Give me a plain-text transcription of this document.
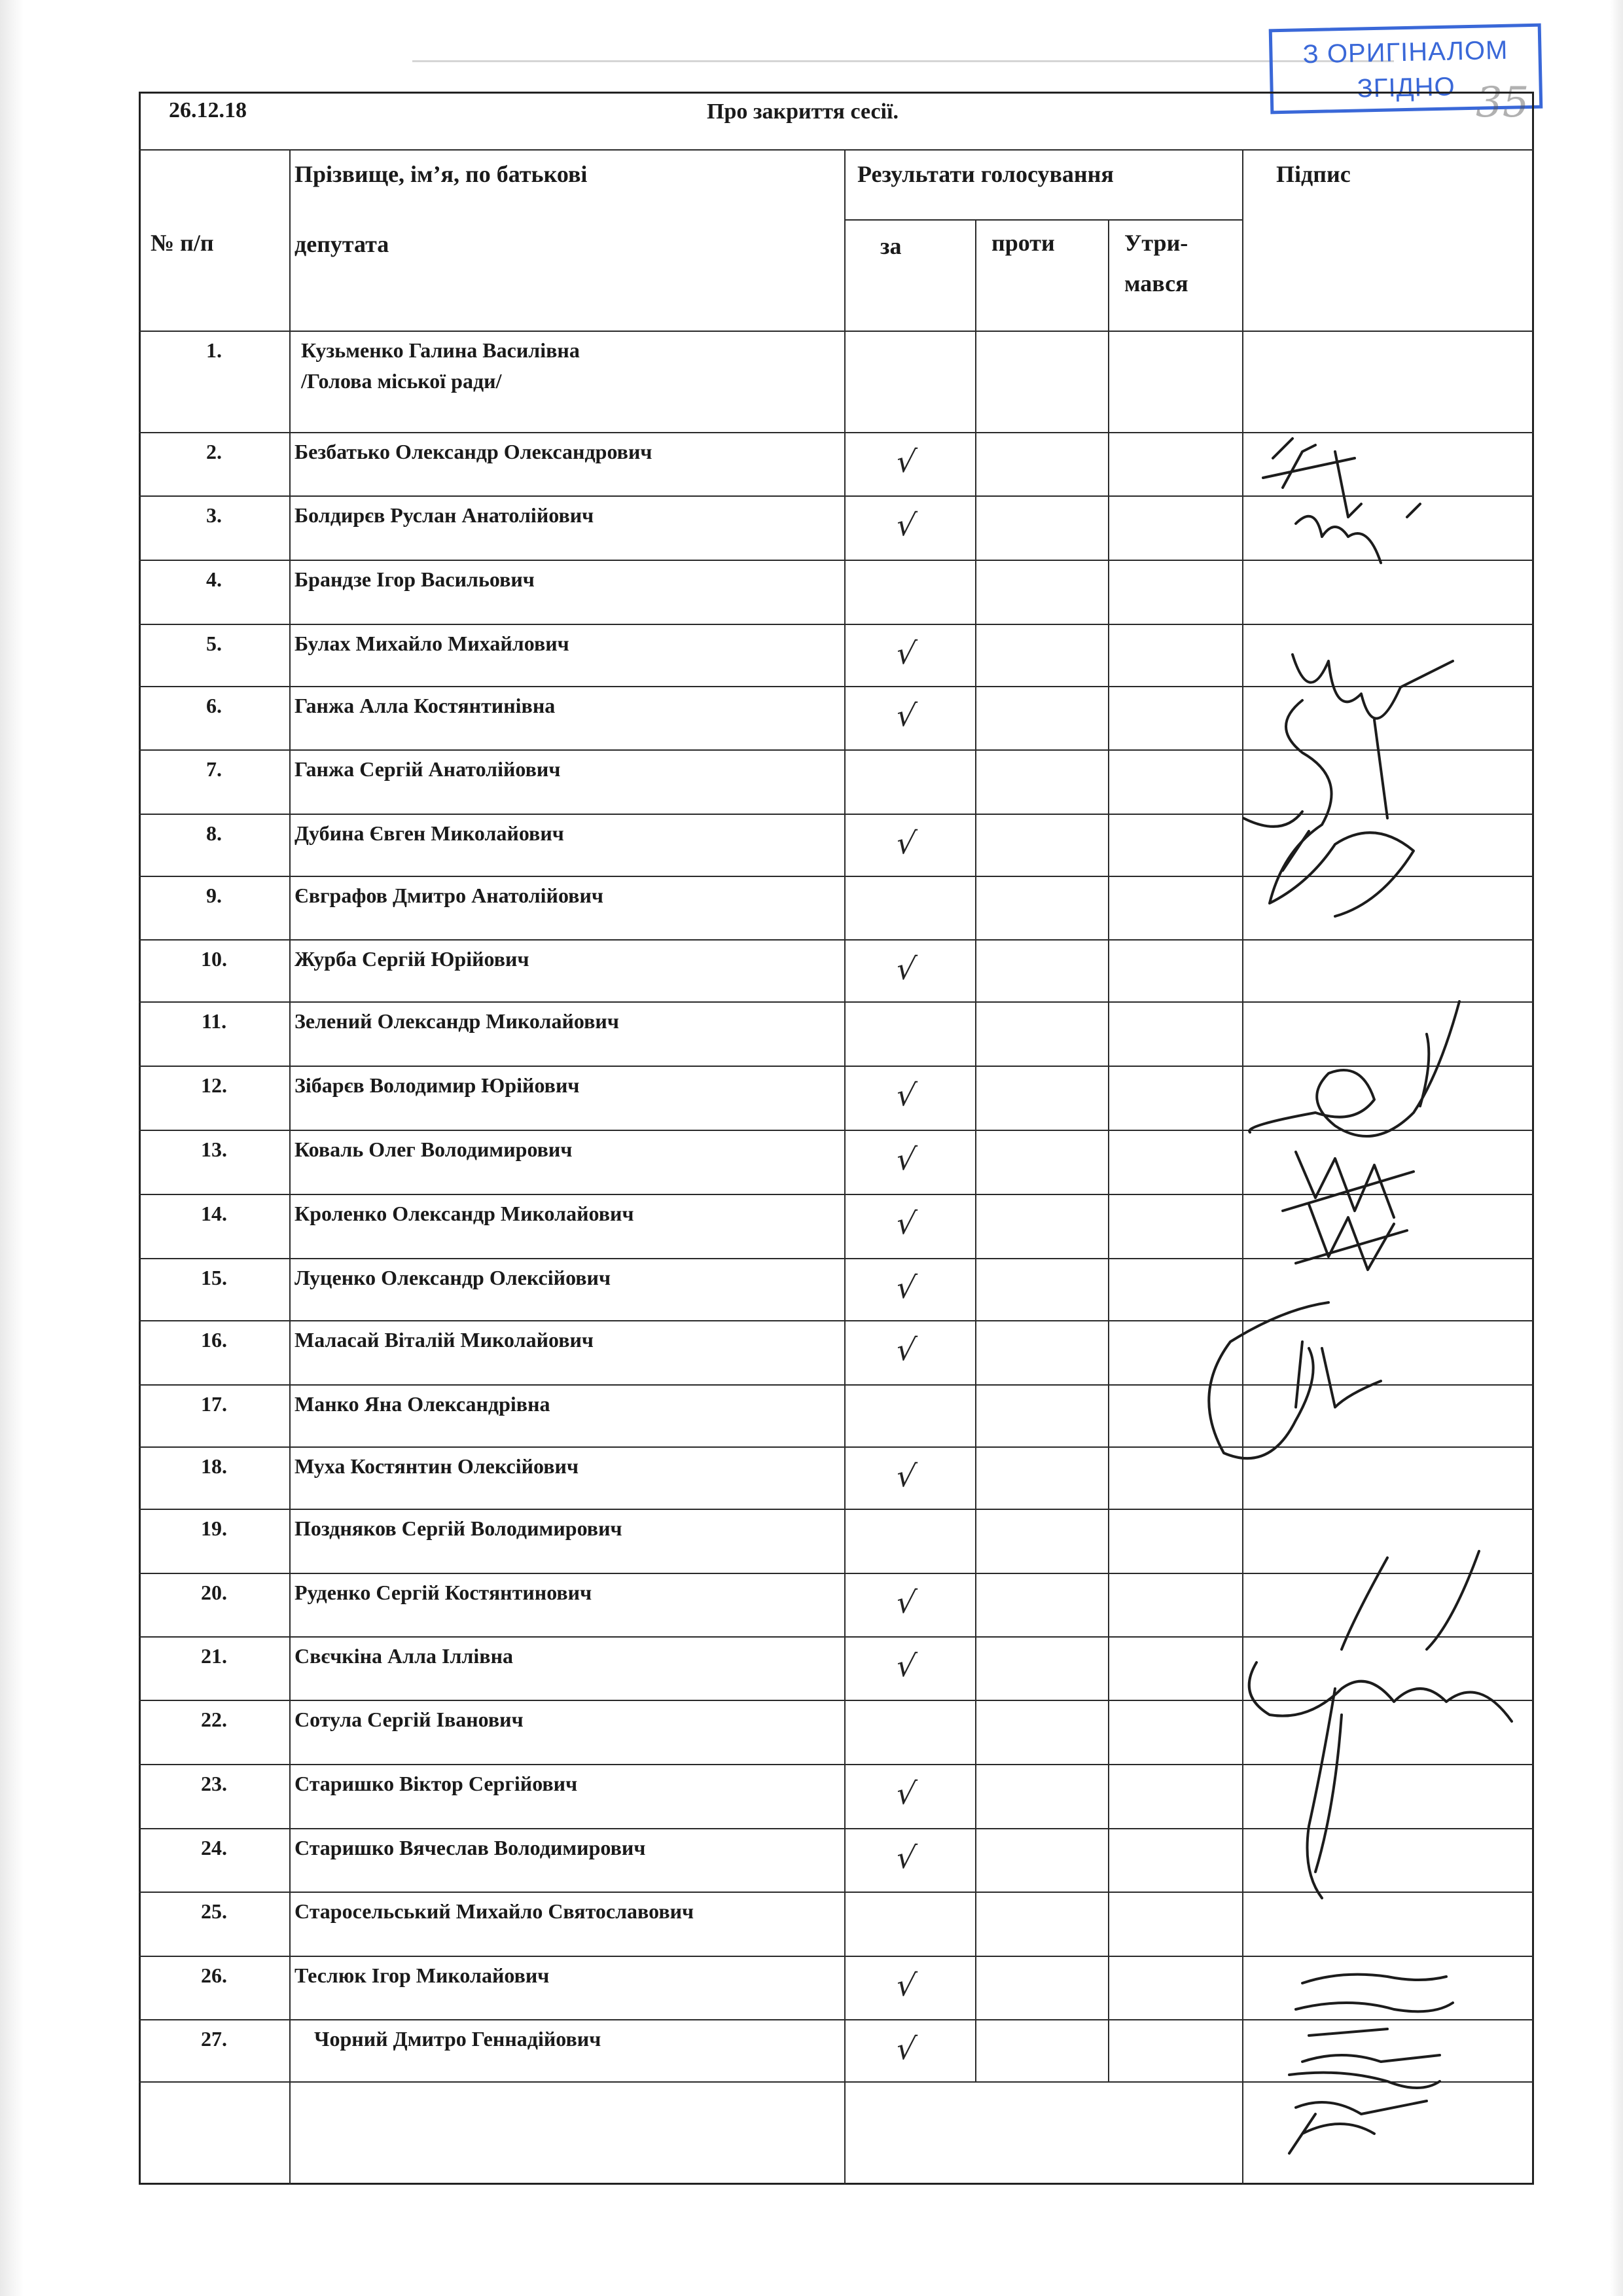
З ОРИГІНАЛОМ
ЗГІДНО 35
26.12.18	Про закриття сесії.
№ п/п
Прізвище, ім’я, по батькові
депутата
Результати голосування	Підпис
за	проти	Утри-
мався
1.	Кузьменко Галина Василівна
/Голова міської ради/
2.	Безбатько Олександр Олександрович	√
3.	Болдирєв Руслан Анатолійович	√
4.	Брандзе Ігор Васильович
5.	Булах Михайло Михайлович	√
6.	Ганжа Алла Костянтинівна	√
7.	Ганжа Сергій Анатолійович
8.	Дубина Євген Миколайович	√
9.	Євграфов Дмитро Анатолійович
10.	Журба Сергій Юрійович	√
11.	Зелений Олександр Миколайович
12.	Зібарєв Володимир Юрійович	√
13.	Коваль Олег Володимирович	√
14.	Кроленко Олександр Миколайович	√
15.	Луценко Олександр Олексійович	√
16.	Маласай Віталій Миколайович	√
17.	Манко Яна Олександрівна
18.	Муха Костянтин Олексійович	√
19.	Поздняков Сергій Володимирович
20.	Руденко Сергій Костянтинович	√
21.	Свєчкіна Алла Іллівна	√
22.	Сотула Сергій Іванович
23.	Старишко Віктор Сергійович	√
24.	Старишко Вячеслав Володимирович	√
25.	Старосельський Михайло Святославович
26.	Теслюк Ігор Миколайович	√
27.	Чорний Дмитро Геннадійович	√
